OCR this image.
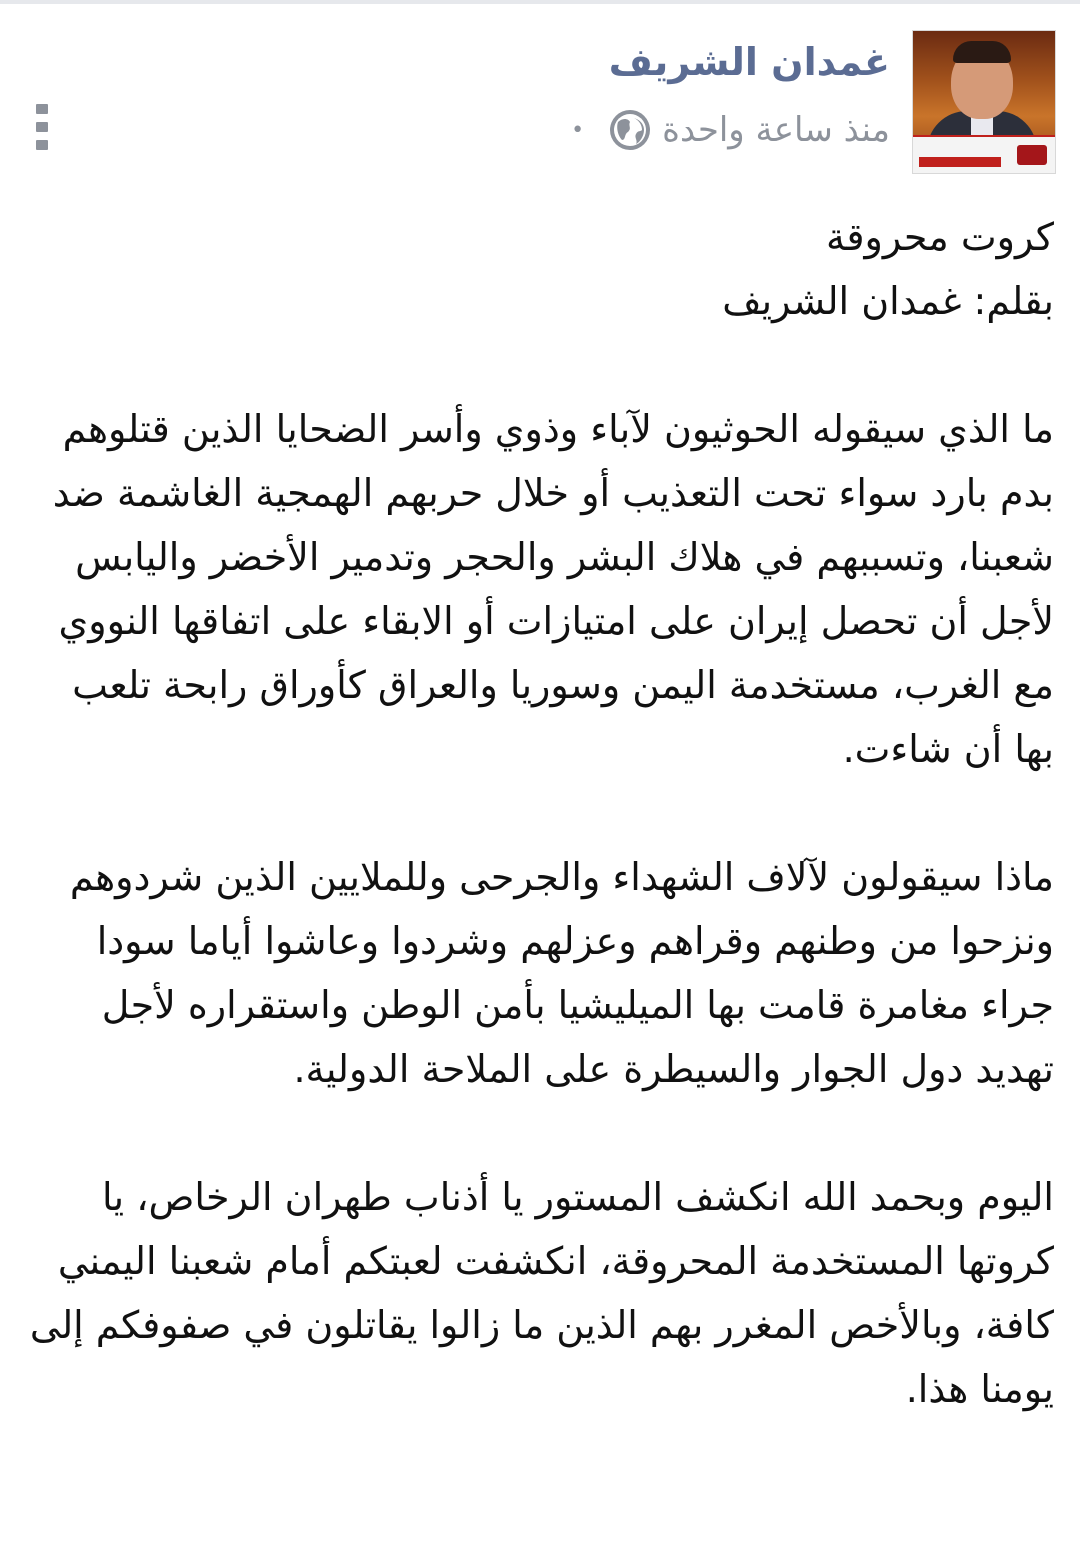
غمدان الشريف
منذ ساعة واحدة
•

كروت محروقة

بقلم: غمدان الشريف

ما الذي سيقوله الحوثيون لآباء وذوي وأسر الضحايا الذين قتلوهم بدم بارد سواء تحت التعذيب أو خلال حربهم الهمجية الغاشمة ضد شعبنا، وتسببهم في هلاك البشر والحجر وتدمير الأخضر واليابس لأجل أن تحصل إيران على امتيازات أو الابقاء على اتفاقها النووي مع الغرب، مستخدمة اليمن وسوريا والعراق كأوراق رابحة تلعب بها أن شاءت.

ماذا سيقولون لآلاف الشهداء والجرحى وللملايين الذين شردوهم ونزحوا من وطنهم وقراهم وعزلهم وشردوا وعاشوا أياما سودا جراء مغامرة قامت بها الميليشيا بأمن الوطن واستقراره لأجل تهديد دول الجوار والسيطرة على الملاحة الدولية.

اليوم وبحمد الله انكشف المستور يا أذناب طهران الرخاص، يا كروتها المستخدمة المحروقة، انكشفت لعبتكم أمام شعبنا اليمني كافة، وبالأخص المغرر بهم الذين ما زالوا يقاتلون في صفوفكم إلى يومنا هذا.
